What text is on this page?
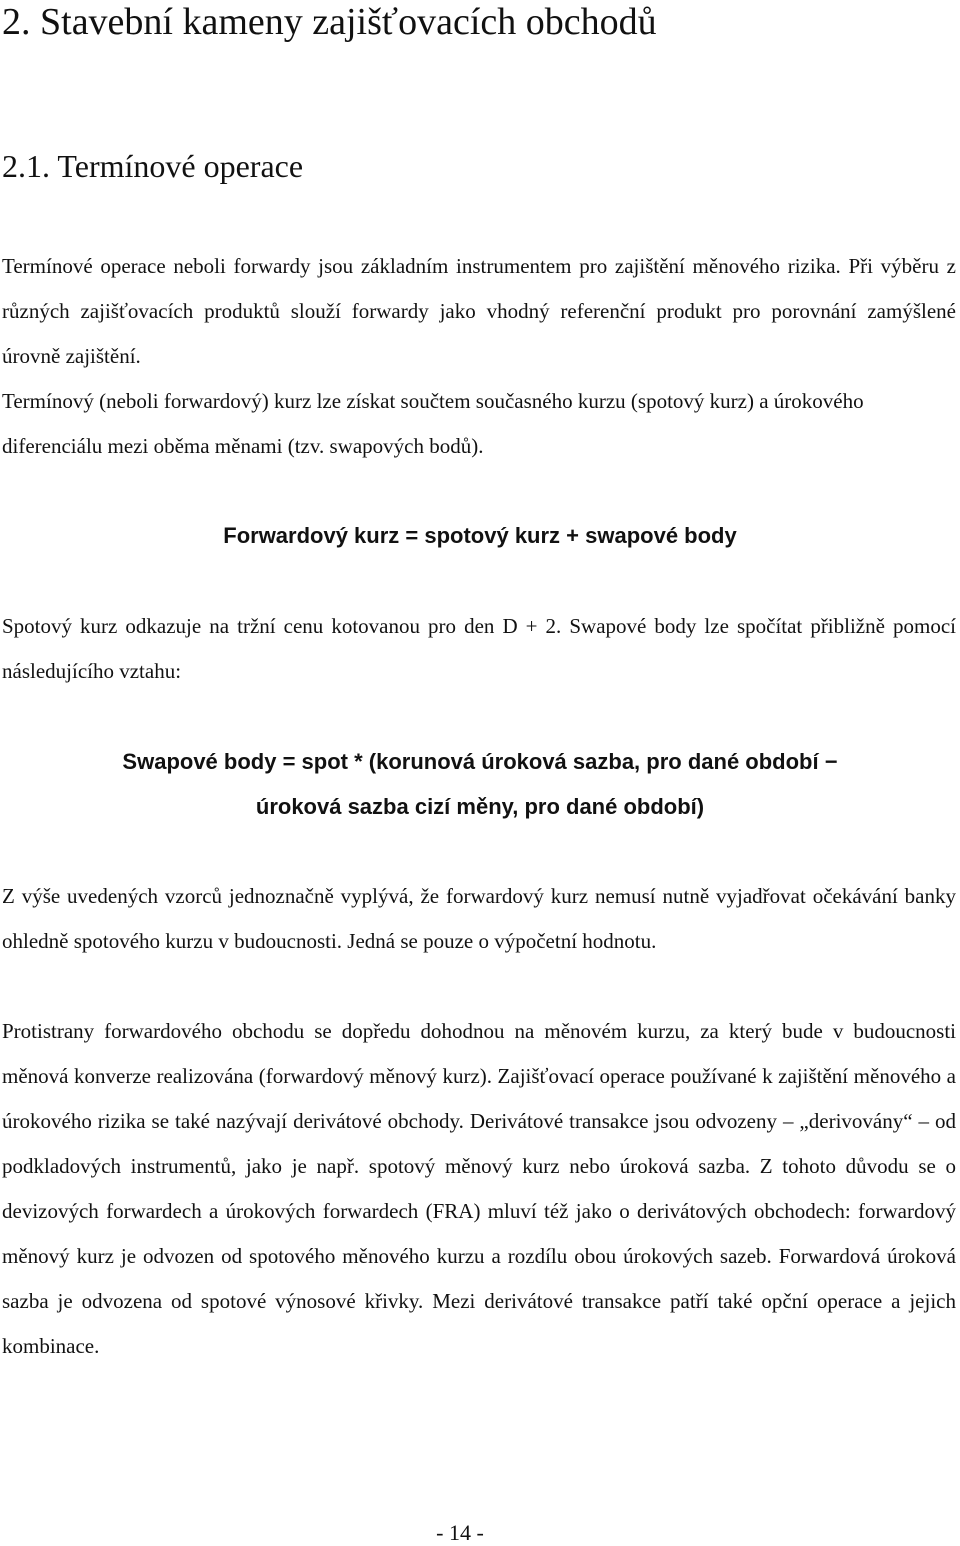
2. Stavební kameny zajišťovacích obchodů
2.1. Termínové operace

Termínové operace neboli forwardy jsou základním instrumentem pro zajištění měnového rizika. Při výběru z různých zajišťovacích produktů slouží forwardy jako vhodný referenční produkt pro porovnání zamýšlené úrovně zajištění.

Termínový (neboli forwardový) kurz lze získat součtem současného kurzu (spotový kurz) a úrokového diferenciálu mezi oběma měnami (tzv. swapových bodů).

Forwardový kurz = spotový kurz + swapové body

Spotový kurz odkazuje na tržní cenu kotovanou pro den D + 2. Swapové body lze spočítat přibližně pomocí následujícího vztahu:

Swapové body = spot * (korunová úroková sazba, pro dané období −

úroková sazba cizí měny, pro dané období)

Z výše uvedených vzorců jednoznačně vyplývá, že forwardový kurz nemusí nutně vyjadřovat očekávání banky ohledně spotového kurzu v budoucnosti. Jedná se pouze o výpočetní hodnotu.

Protistrany forwardového obchodu se dopředu dohodnou na měnovém kurzu, za který bude v budoucnosti měnová konverze realizována (forwardový měnový kurz). Zajišťovací operace používané k zajištění měnového a úrokového rizika se také nazývají derivátové obchody. Derivátové transakce jsou odvozeny – „derivovány“ – od podkladových instrumentů, jako je např. spotový měnový kurz nebo úroková sazba. Z tohoto důvodu se o devizových forwardech a úrokových forwardech (FRA) mluví též jako o derivátových obchodech: forwardový měnový kurz je odvozen od spotového měnového kurzu a rozdílu obou úrokových sazeb. Forwardová úroková sazba je odvozena od spotové výnosové křivky. Mezi derivátové transakce patří také opční operace a jejich kombinace.

- 14 -
